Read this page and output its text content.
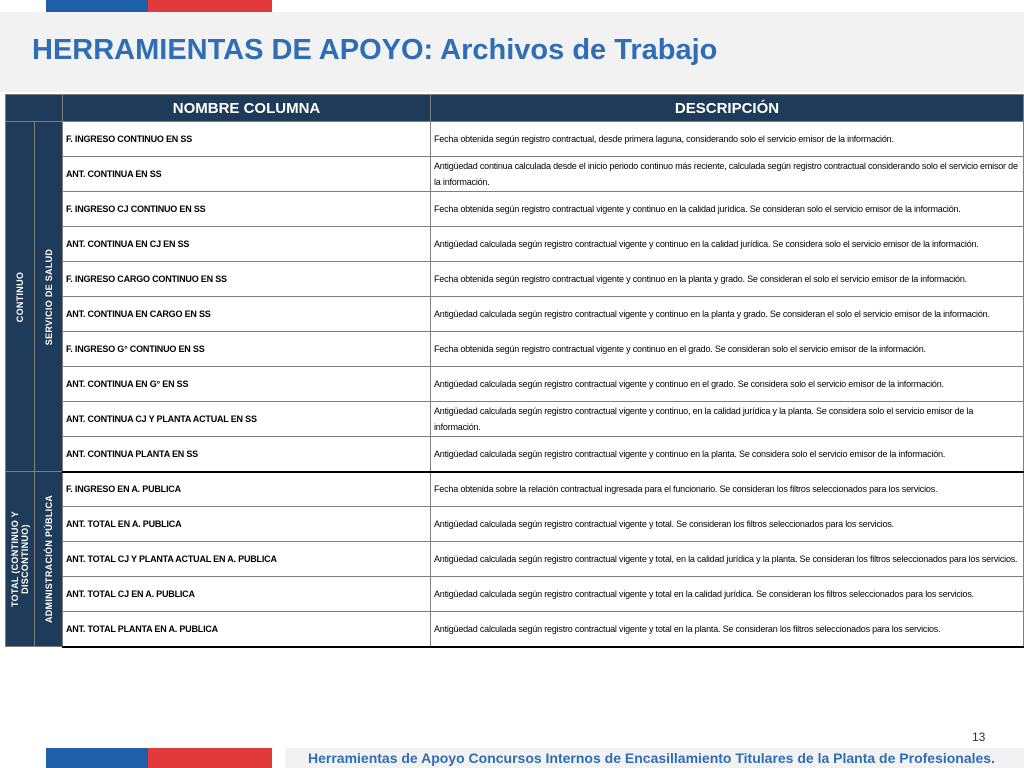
HERRAMIENTAS DE APOYO: Archivos de Trabajo
		NOMBRE COLUMNA	DESCRIPCIÓN

CONTINUO	SERVICIO DE SALUD	F. INGRESO CONTINUO EN SS	Fecha obtenida según registro contractual, desde primera laguna, considerando solo el servicio emisor de la información.
		ANT. CONTINUA EN SS	Antigüedad continua calculada desde el inicio periodo continuo más reciente, calculada según registro contractual considerando solo el servicio emisor de la información.
		F. INGRESO CJ CONTINUO EN SS	Fecha obtenida según registro contractual vigente y continuo en la calidad jurídica. Se consideran solo el servicio emisor de la información.
		ANT. CONTINUA EN CJ EN SS	Antigüedad calculada según registro contractual vigente y continuo en la calidad jurídica. Se considera solo el servicio emisor de la información.
		F. INGRESO CARGO CONTINUO EN SS	Fecha obtenida según registro contractual vigente y continuo en la planta y grado. Se consideran el solo el servicio emisor de la información.
		ANT. CONTINUA EN CARGO EN SS	Antigüedad calculada según registro contractual vigente y continuo en la planta y grado. Se consideran el solo el servicio emisor de la información.
		F. INGRESO G° CONTINUO EN SS	Fecha obtenida según registro contractual vigente y continuo en el grado. Se consideran solo el servicio emisor de la información.
		ANT. CONTINUA EN G° EN SS	Antigüedad calculada según registro contractual vigente y continuo en el grado. Se considera solo el servicio emisor de la información.
		ANT. CONTINUA CJ Y PLANTA ACTUAL EN SS	Antigüedad calculada según registro contractual vigente y continuo, en la calidad jurídica y la planta. Se considera solo el servicio emisor de la información.
		ANT. CONTINUA PLANTA EN SS	Antigüedad calculada según registro contractual vigente y continuo en la planta. Se considera solo el servicio emisor de la información.

TOTAL (CONTINUO Y DISCONTINUO)	ADMINISTRACIÓN PÚBLICA	F. INGRESO EN A. PUBLICA	Fecha obtenida sobre la relación contractual ingresada para el funcionario. Se consideran los filtros seleccionados para los servicios.
		ANT. TOTAL EN A. PUBLICA	Antigüedad calculada según registro contractual vigente y total. Se consideran los filtros seleccionados para los servicios.
		ANT. TOTAL CJ Y PLANTA ACTUAL EN A. PUBLICA	Antigüedad calculada según registro contractual vigente y total, en la calidad jurídica y la planta. Se consideran los filtros seleccionados para los servicios.
		ANT. TOTAL CJ EN A. PUBLICA	Antigüedad calculada según registro contractual vigente y total en la calidad jurídica. Se consideran los filtros seleccionados para los servicios.
		ANT. TOTAL PLANTA EN A. PUBLICA	Antigüedad calculada según registro contractual vigente y total en la planta. Se consideran los filtros seleccionados para los servicios.
13
Herramientas de Apoyo Concursos Internos de Encasillamiento Titulares de la Planta de Profesionales.
